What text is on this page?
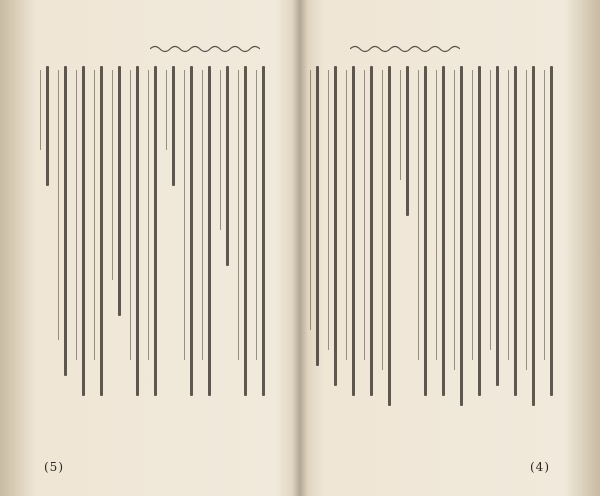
(5)	(4)
